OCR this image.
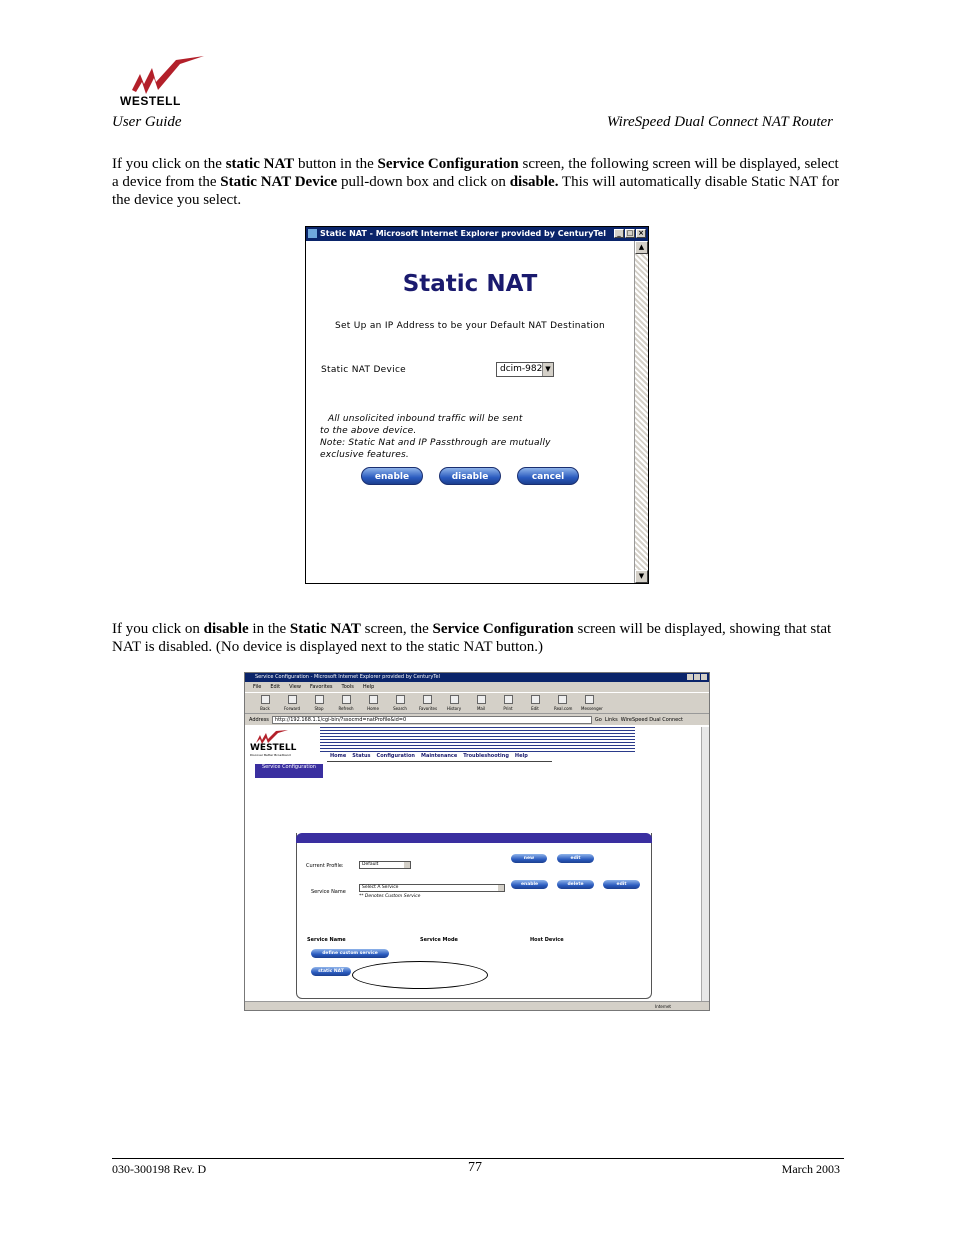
WESTELL
User Guide	WireSpeed Dual Connect NAT Router
If you click on the static NAT button in the Service Configuration screen, the following screen will be displayed, select a device from the Static NAT Device pull-down box and click on disable. This will automatically disable Static NAT for the device you select.
Static NAT - Microsoft Internet Explorer provided by CenturyTel	_ □ ×
▲
▼
Static NAT
Set Up an IP Address to be your Default NAT Destination
Static NAT Device	dcim-982 ▼
All unsolicited inbound traffic will be sent
to the above device.
Note: Static Nat and IP Passthrough are mutually
exclusive features.
enable	disable	cancel
If you click on disable in the Static NAT screen, the Service Configuration screen will be displayed, showing that stat NAT is disabled. (No device is displayed next to the static NAT button.)
Service Configuration - Microsoft Internet Explorer provided by CenturyTel
File Edit View Favorites Tools Help
Back	Forward	Stop	Refresh	Home	Search	Favorites History	Mail	Print	Edit	Real.com Messenger
Address	http://192.168.1.1/cgi-bin/?ssocmd=natProfile&id=0	Go Links WireSpeed Dual Connect
WESTELL
Discover Better Broadband	Home Status Configuration Maintenance Troubleshooting Help
Service Configuration
Current Profile:	Default
new	edit
Service Name
Select A Service
** Denotes Custom Service
enable	delete	edit
Service Name	Service Mode	Host Device
define custom service
static NAT
Internet
030-300198 Rev. D	77	March 2003
